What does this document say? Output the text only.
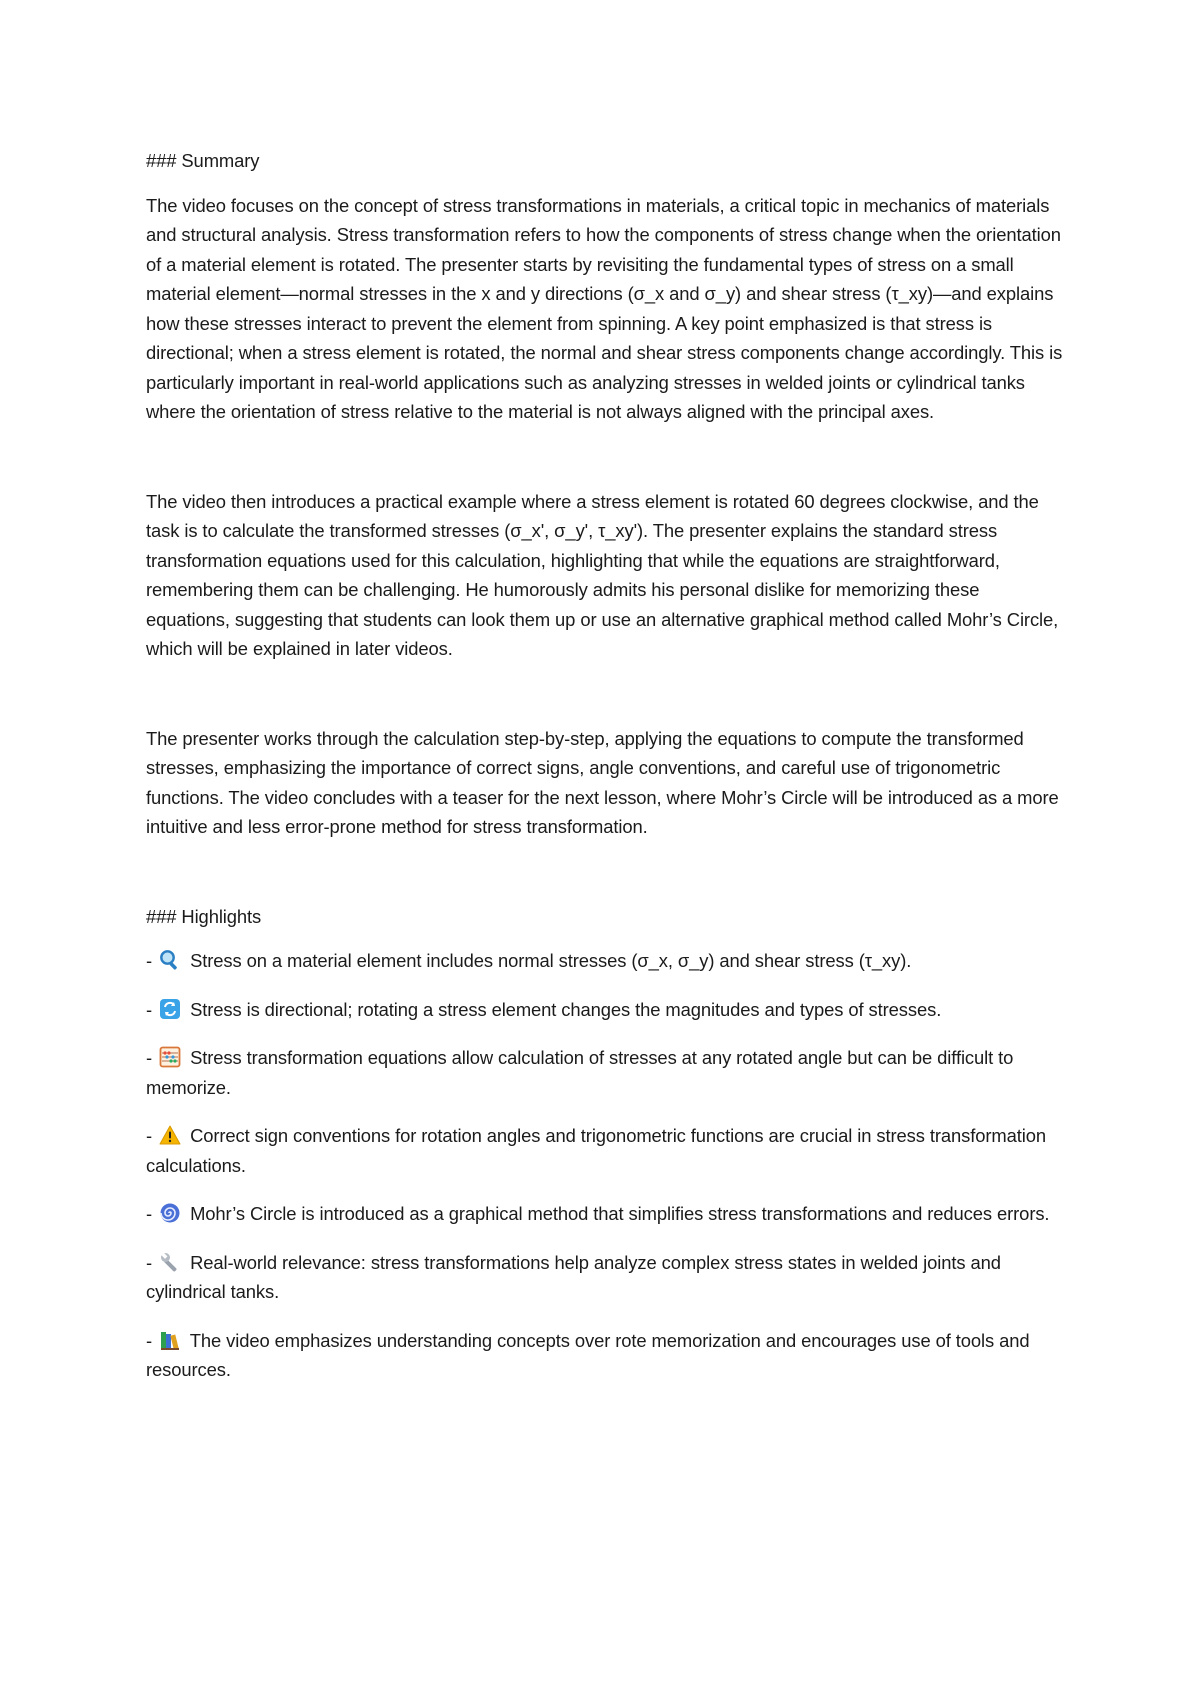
### Summary

The video focuses on the concept of stress transformations in materials, a critical topic in mechanics of materials and structural analysis. Stress transformation refers to how the components of stress change when the orientation of a material element is rotated. The presenter starts by revisiting the fundamental types of stress on a small material element—normal stresses in the x and y directions (σ_x and σ_y) and shear stress (τ_xy)—and explains how these stresses interact to prevent the element from spinning. A key point emphasized is that stress is directional; when a stress element is rotated, the normal and shear stress components change accordingly. This is particularly important in real-world applications such as analyzing stresses in welded joints or cylindrical tanks where the orientation of stress relative to the material is not always aligned with the principal axes.

The video then introduces a practical example where a stress element is rotated 60 degrees clockwise, and the task is to calculate the transformed stresses (σ_x', σ_y', τ_xy'). The presenter explains the standard stress transformation equations used for this calculation, highlighting that while the equations are straightforward, remembering them can be challenging. He humorously admits his personal dislike for memorizing these equations, suggesting that students can look them up or use an alternative graphical method called Mohr’s Circle, which will be explained in later videos.

The presenter works through the calculation step-by-step, applying the equations to compute the transformed stresses, emphasizing the importance of correct signs, angle conventions, and careful use of trigonometric functions. The video concludes with a teaser for the next lesson, where Mohr’s Circle will be introduced as a more intuitive and less error-prone method for stress transformation.

### Highlights

- Stress on a material element includes normal stresses (σ_x, σ_y) and shear stress (τ_xy).
- Stress is directional; rotating a stress element changes the magnitudes and types of stresses.
- Stress transformation equations allow calculation of stresses at any rotated angle but can be difficult to memorize.
- Correct sign conventions for rotation angles and trigonometric functions are crucial in stress transformation calculations.
- Mohr’s Circle is introduced as a graphical method that simplifies stress transformations and reduces errors.
- Real-world relevance: stress transformations help analyze complex stress states in welded joints and cylindrical tanks.
- The video emphasizes understanding concepts over rote memorization and encourages use of tools and resources.
